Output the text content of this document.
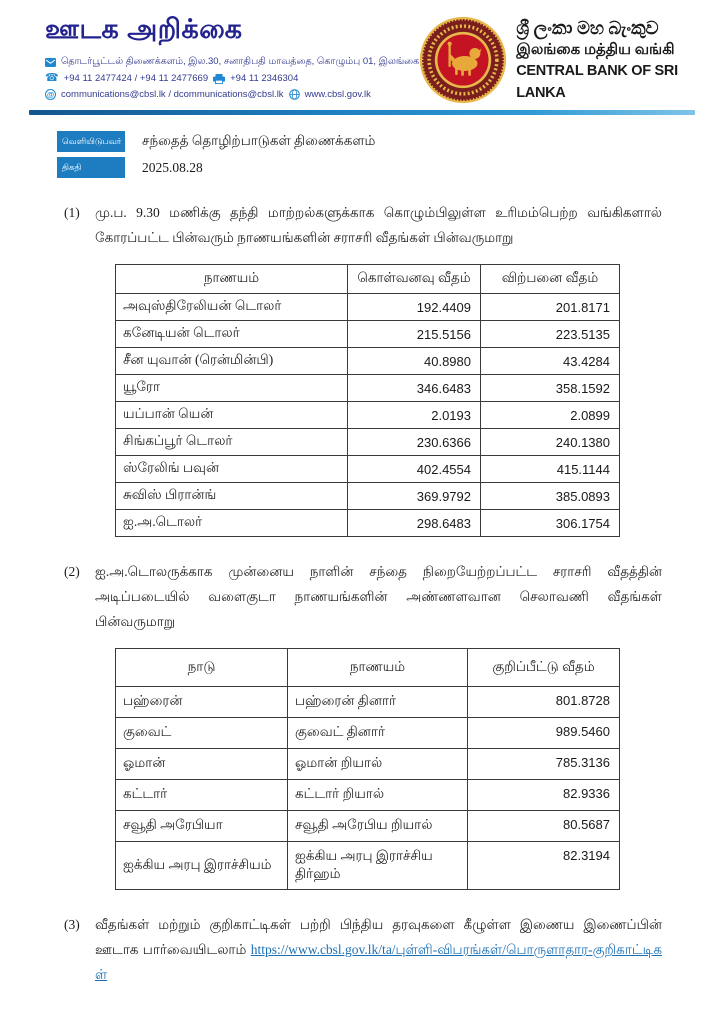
ஊடக அறிக்கை
தொடர்பூட்டல் திணைக்களம், இல.30, சனாதிபதி மாவத்தை, கொழும்பு 01, இலங்கை
☎ +94 11 2477424 / +94 11 2477669 +94 11 2346304
@ communications@cbsl.lk / dcommunications@cbsl.lk www.cbsl.gov.lk
ශ්‍රී ලංකා මහ බැංකුව
இலங்கை மத்திய வங்கி
CENTRAL BANK OF SRI LANKA
வெளியிடுபவர் சந்தைத் தொழிற்பாடுகள் திணைக்களம்
திகதி	2025.08.28
(1)	மு.ப. 9.30 மணிக்கு தந்தி மாற்றல்களுக்காக கொழும்பிலுள்ள உரிமம்பெற்ற வங்கிகளால் கோரப்பட்ட பின்வரும் நாணயங்களின் சராசரி வீதங்கள் பின்வருமாறு
நாணயம்	கொள்வனவு வீதம்	விற்பனை வீதம்
அவுஸ்திரேலியன் டொலர்	192.4409	201.8171
கனேடியன் டொலர்	215.5156	223.5135
சீன யுவான் (ரென்மின்பி)	40.8980	43.4284
யூரோ	346.6483	358.1592
யப்பான் யென்	2.0193	2.0899
சிங்கப்பூர் டொலர்	230.6366	240.1380
ஸ்ரேலிங் பவுன்	402.4554	415.1144
சுவிஸ் பிரான்ங்	369.9792	385.0893
ஐ.அ.டொலர்	298.6483	306.1754
(2)	ஐ.அ.டொலருக்காக முன்னைய நாளின் சந்தை நிறையேற்றப்பட்ட சராசரி வீதத்தின் அடிப்படையில் வளைகுடா நாணயங்களின் அண்ணளவான செலாவணி வீதங்கள் பின்வருமாறு
நாடு	நாணயம்	குறிப்பீட்டு வீதம்
பஹ்ரைன்	பஹ்ரைன் தினார்	801.8728
குவைட்	குவைட் தினார்	989.5460
ஓமான்	ஓமான் றியால்	785.3136
கட்டார்	கட்டார் றியால்	82.9336
சவூதி அரேபியா	சவூதி அரேபிய றியால்	80.5687
ஐக்கிய அரபு இராச்சியம்	ஐக்கிய அரபு இராச்சிய திர்ஹம்	82.3194
(3)	வீதங்கள் மற்றும் குறிகாட்டிகள் பற்றி பிந்திய தரவுகளை கீழுள்ள இணைய இணைப்பின் ஊடாக பார்வையிடலாம் https://www.cbsl.gov.lk/ta/புள்ளி-விபரங்கள்/பொருளாதார-குறிகாட்டிகள்
